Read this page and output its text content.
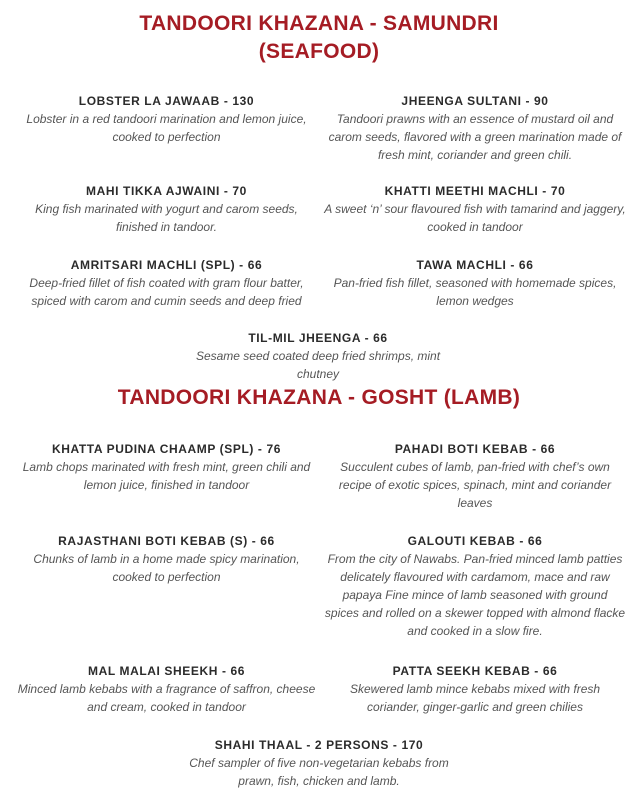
TANDOORI KHAZANA - SAMUNDRI
(SEAFOOD)
LOBSTER LA JAWAAB - 130
Lobster in a red tandoori marination and lemon juice, cooked to perfection
JHEENGA SULTANI - 90
Tandoori prawns with an essence of mustard oil and carom seeds, flavored with a green marination made of fresh mint, coriander and green chili.
MAHI TIKKA AJWAINI - 70
King fish marinated with yogurt and carom seeds, finished in tandoor.
KHATTI MEETHI MACHLI - 70
A sweet ‘n’ sour flavoured fish with tamarind and jaggery, cooked in tandoor
AMRITSARI MACHLI (SPL) - 66
Deep-fried fillet of fish coated with gram flour batter, spiced with carom and cumin seeds and deep fried
TAWA MACHLI - 66
Pan-fried fish fillet, seasoned with homemade spices, lemon wedges
TIL-MIL JHEENGA - 66
Sesame seed coated deep fried shrimps, mint chutney
TANDOORI KHAZANA - GOSHT (LAMB)
KHATTA PUDINA CHAAMP (SPL) - 76
Lamb chops marinated with fresh mint, green chili and lemon juice, finished in tandoor
PAHADI BOTI KEBAB - 66
Succulent cubes of lamb, pan-fried with chef’s own recipe of exotic spices, spinach, mint and coriander leaves
RAJASTHANI BOTI KEBAB (S) - 66
Chunks of lamb in a home made spicy marination, cooked to perfection
GALOUTI KEBAB - 66
From the city of Nawabs. Pan-fried minced lamb patties delicately flavoured with cardamom, mace and raw papaya Fine mince of lamb seasoned with ground spices and rolled on a skewer topped with almond flacke and cooked in a slow fire.
MAL MALAI SHEEKH - 66
Minced lamb kebabs with a fragrance of saffron, cheese and cream, cooked in tandoor
PATTA SEEKH KEBAB - 66
Skewered lamb mince kebabs mixed with fresh coriander, ginger-garlic and green chilies
SHAHI THAAL - 2 PERSONS - 170
Chef sampler of five non-vegetarian kebabs from prawn, fish, chicken and lamb.
